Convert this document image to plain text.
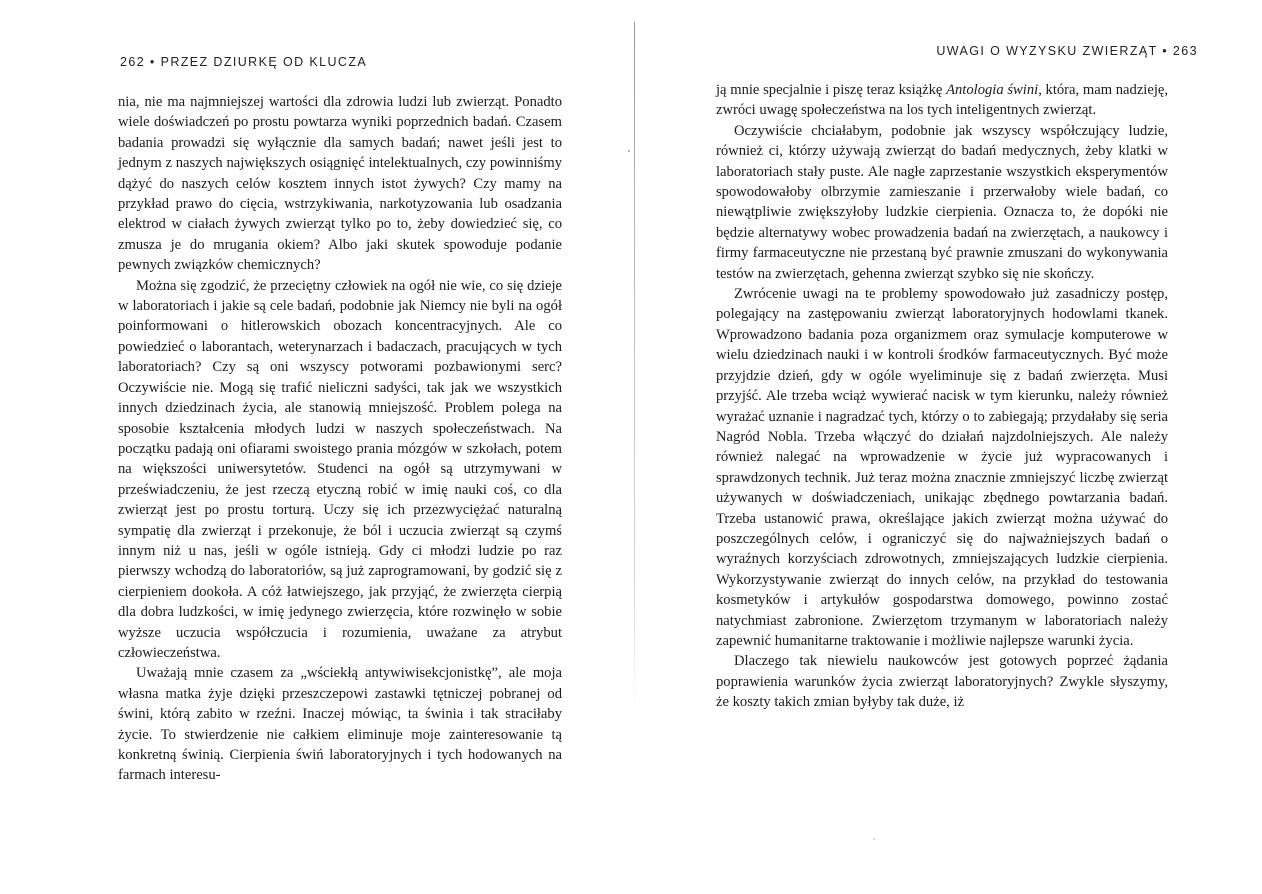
262 • PRZEZ DZIURKĘ OD KLUCZA

nia, nie ma najmniejszej wartości dla zdrowia ludzi lub zwierząt. Ponadto wiele doświadczeń po prostu powtarza wyniki poprzednich badań. Czasem badania prowadzi się wyłącznie dla samych badań; nawet jeśli jest to jednym z naszych największych osiągnięć intelektualnych, czy powinniśmy dążyć do naszych celów kosztem innych istot żywych? Czy mamy na przykład prawo do cięcia, wstrzykiwania, narkotyzowania lub osadzania elektrod w ciałach żywych zwierząt tylko po to, żeby dowiedzieć się, co zmusza je do mrugania okiem? Albo jaki skutek spowoduje podanie pewnych związków chemicznych?

Można się zgodzić, że przeciętny człowiek na ogół nie wie, co się dzieje w laboratoriach i jakie są cele badań, podobnie jak Niemcy nie byli na ogół poinformowani o hitlerowskich obozach koncentracyjnych. Ale co powiedzieć o laborantach, weterynarzach i badaczach, pracujących w tych laboratoriach? Czy są oni wszyscy potworami pozbawionymi serc? Oczywiście nie. Mogą się trafić nieliczni sadyści, tak jak we wszystkich innych dziedzinach życia, ale stanowią mniejszość. Problem polega na sposobie kształcenia młodych ludzi w naszych społeczeństwach. Na początku padają oni ofiarami swoistego prania mózgów w szkołach, potem na większości uniwersytetów. Studenci na ogół są utrzymywani w przeświadczeniu, że jest rzeczą etyczną robić w imię nauki coś, co dla zwierząt jest po prostu torturą. Uczy się ich przezwyciężać naturalną sympatię dla zwierząt i przekonuje, że ból i uczucia zwierząt są czymś innym niż u nas, jeśli w ogóle istnieją. Gdy ci młodzi ludzie po raz pierwszy wchodzą do laboratoriów, są już zaprogramowani, by godzić się z cierpieniem dookoła. A cóż łatwiejszego, jak przyjąć, że zwierzęta cierpią dla dobra ludzkości, w imię jedynego zwierzęcia, które rozwinęło w sobie wyższe uczucia współczucia i rozumienia, uważane za atrybut człowieczeństwa.

Uważają mnie czasem za „wściekłą antywiwisekcjonistkę”, ale moja własna matka żyje dzięki przeszczepowi zastawki tętniczej pobranej od świni, którą zabito w rzeźni. Inaczej mówiąc, ta świnia i tak straciłaby życie. To stwierdzenie nie całkiem eliminuje moje zainteresowanie tą konkretną świnią. Cierpienia świń laboratoryjnych i tych hodowanych na farmach interesu-

UWAGI O WYZYSKU ZWIERZĄT • 263

ją mnie specjalnie i piszę teraz książkę Antologia świni, która, mam nadzieję, zwróci uwagę społeczeństwa na los tych inteligentnych zwierząt.

Oczywiście chciałabym, podobnie jak wszyscy współczujący ludzie, również ci, którzy używają zwierząt do badań medycznych, żeby klatki w laboratoriach stały puste. Ale nagłe zaprzestanie wszystkich eksperymentów spowodowałoby olbrzymie zamieszanie i przerwałoby wiele badań, co niewątpliwie zwiększyłoby ludzkie cierpienia. Oznacza to, że dopóki nie będzie alternatywy wobec prowadzenia badań na zwierzętach, a naukowcy i firmy farmaceutyczne nie przestaną być prawnie zmuszani do wykonywania testów na zwierzętach, gehenna zwierząt szybko się nie skończy.

Zwrócenie uwagi na te problemy spowodowało już zasadniczy postęp, polegający na zastępowaniu zwierząt laboratoryjnych hodowlami tkanek. Wprowadzono badania poza organizmem oraz symulacje komputerowe w wielu dziedzinach nauki i w kontroli środków farmaceutycznych. Być może przyjdzie dzień, gdy w ogóle wyeliminuje się z badań zwierzęta. Musi przyjść. Ale trzeba wciąż wywierać nacisk w tym kierunku, należy również wyrażać uznanie i nagradzać tych, którzy o to zabiegają; przydałaby się seria Nagród Nobla. Trzeba włączyć do działań najzdolniejszych. Ale należy również nalegać na wprowadzenie w życie już wypracowanych i sprawdzonych technik. Już teraz można znacznie zmniejszyć liczbę zwierząt używanych w doświadczeniach, unikając zbędnego powtarzania badań. Trzeba ustanowić prawa, określające jakich zwierząt można używać do poszczególnych celów, i ograniczyć się do najważniejszych badań o wyraźnych korzyściach zdrowotnych, zmniejszających ludzkie cierpienia. Wykorzystywanie zwierząt do innych celów, na przykład do testowania kosmetyków i artykułów gospodarstwa domowego, powinno zostać natychmiast zabronione. Zwierzętom trzymanym w laboratoriach należy zapewnić humanitarne traktowanie i możliwie najlepsze warunki życia.

Dlaczego tak niewielu naukowców jest gotowych poprzeć żądania poprawienia warunków życia zwierząt laboratoryjnych? Zwykle słyszymy, że koszty takich zmian byłyby tak duże, iż
